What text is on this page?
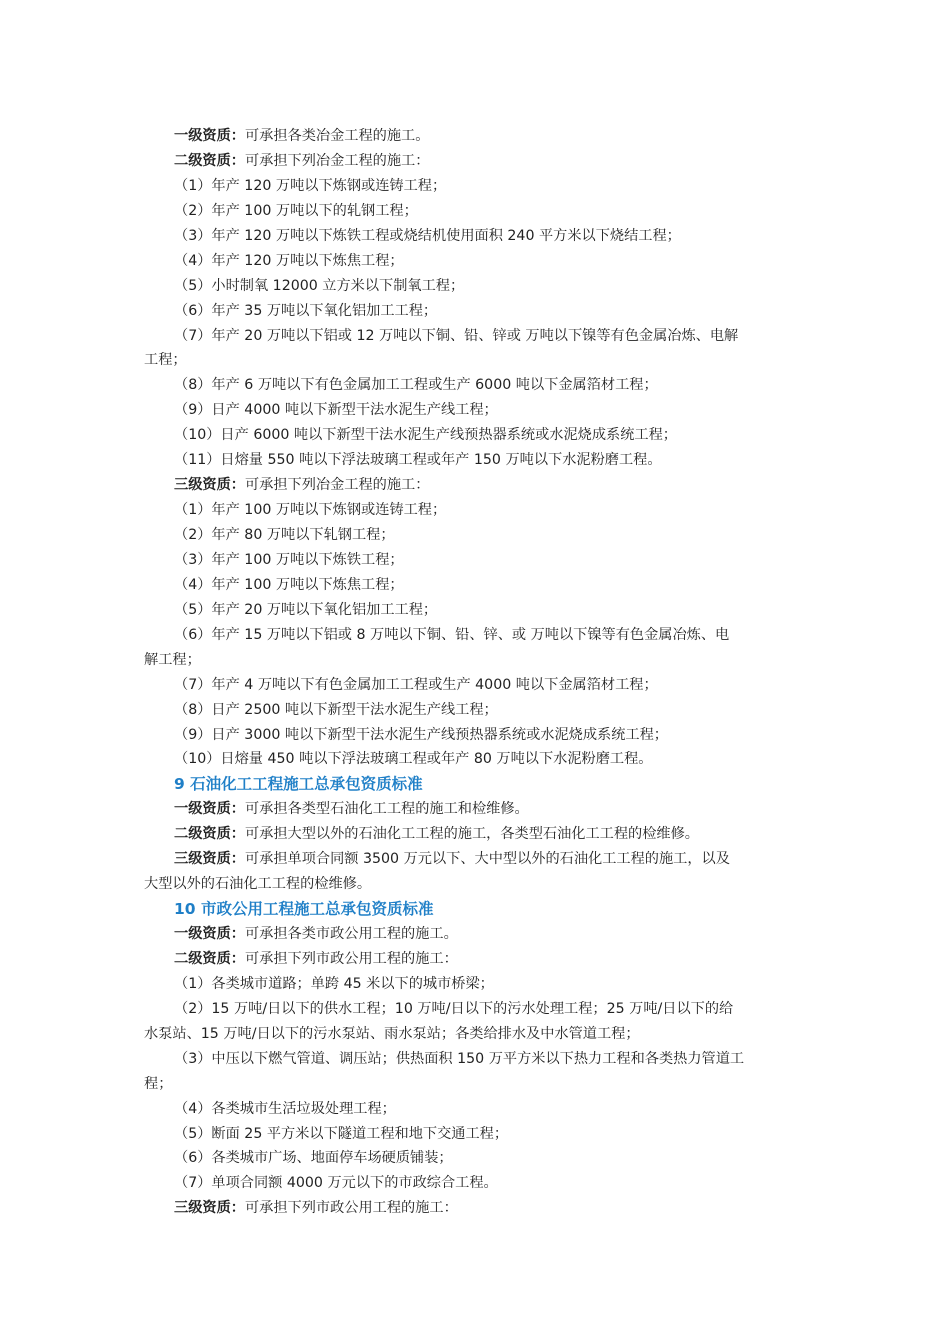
一级资质：可承担各类冶金工程的施工。
二级资质：可承担下列冶金工程的施工：
（1）年产 120 万吨以下炼钢或连铸工程；
（2）年产 100 万吨以下的轧钢工程；
（3）年产 120 万吨以下炼铁工程或烧结机使用面积 240 平方米以下烧结工程；
（4）年产 120 万吨以下炼焦工程；
（5）小时制氧 12000 立方米以下制氧工程；
（6）年产 35 万吨以下氧化铝加工工程；
（7）年产 20 万吨以下铝或 12 万吨以下铜、铅、锌或 万吨以下镍等有色金属冶炼、电解
工程；
（8）年产 6 万吨以下有色金属加工工程或生产 6000 吨以下金属箔材工程；
（9）日产 4000 吨以下新型干法水泥生产线工程；
（10）日产 6000 吨以下新型干法水泥生产线预热器系统或水泥烧成系统工程；
（11）日熔量 550 吨以下浮法玻璃工程或年产 150 万吨以下水泥粉磨工程。
三级资质：可承担下列冶金工程的施工：
（1）年产 100 万吨以下炼钢或连铸工程；
（2）年产 80 万吨以下轧钢工程；
（3）年产 100 万吨以下炼铁工程；
（4）年产 100 万吨以下炼焦工程；
（5）年产 20 万吨以下氧化铝加工工程；
（6）年产 15 万吨以下铝或 8 万吨以下铜、铅、锌、或 万吨以下镍等有色金属冶炼、电
解工程；
（7）年产 4 万吨以下有色金属加工工程或生产 4000 吨以下金属箔材工程；
（8）日产 2500 吨以下新型干法水泥生产线工程；
（9）日产 3000 吨以下新型干法水泥生产线预热器系统或水泥烧成系统工程；
（10）日熔量 450 吨以下浮法玻璃工程或年产 80 万吨以下水泥粉磨工程。
9 石油化工工程施工总承包资质标准
一级资质：可承担各类型石油化工工程的施工和检维修。
二级资质：可承担大型以外的石油化工工程的施工，各类型石油化工工程的检维修。
三级资质：可承担单项合同额 3500 万元以下、大中型以外的石油化工工程的施工，以及
大型以外的石油化工工程的检维修。
10 市政公用工程施工总承包资质标准
一级资质：可承担各类市政公用工程的施工。
二级资质：可承担下列市政公用工程的施工：
（1）各类城市道路；单跨 45 米以下的城市桥梁；
（2）15 万吨/日以下的供水工程；10 万吨/日以下的污水处理工程；25 万吨/日以下的给
水泵站、15 万吨/日以下的污水泵站、雨水泵站；各类给排水及中水管道工程；
（3）中压以下燃气管道、调压站；供热面积 150 万平方米以下热力工程和各类热力管道工
程；
（4）各类城市生活垃圾处理工程；
（5）断面 25 平方米以下隧道工程和地下交通工程；
（6）各类城市广场、地面停车场硬质铺装；
（7）单项合同额 4000 万元以下的市政综合工程。
三级资质：可承担下列市政公用工程的施工：
